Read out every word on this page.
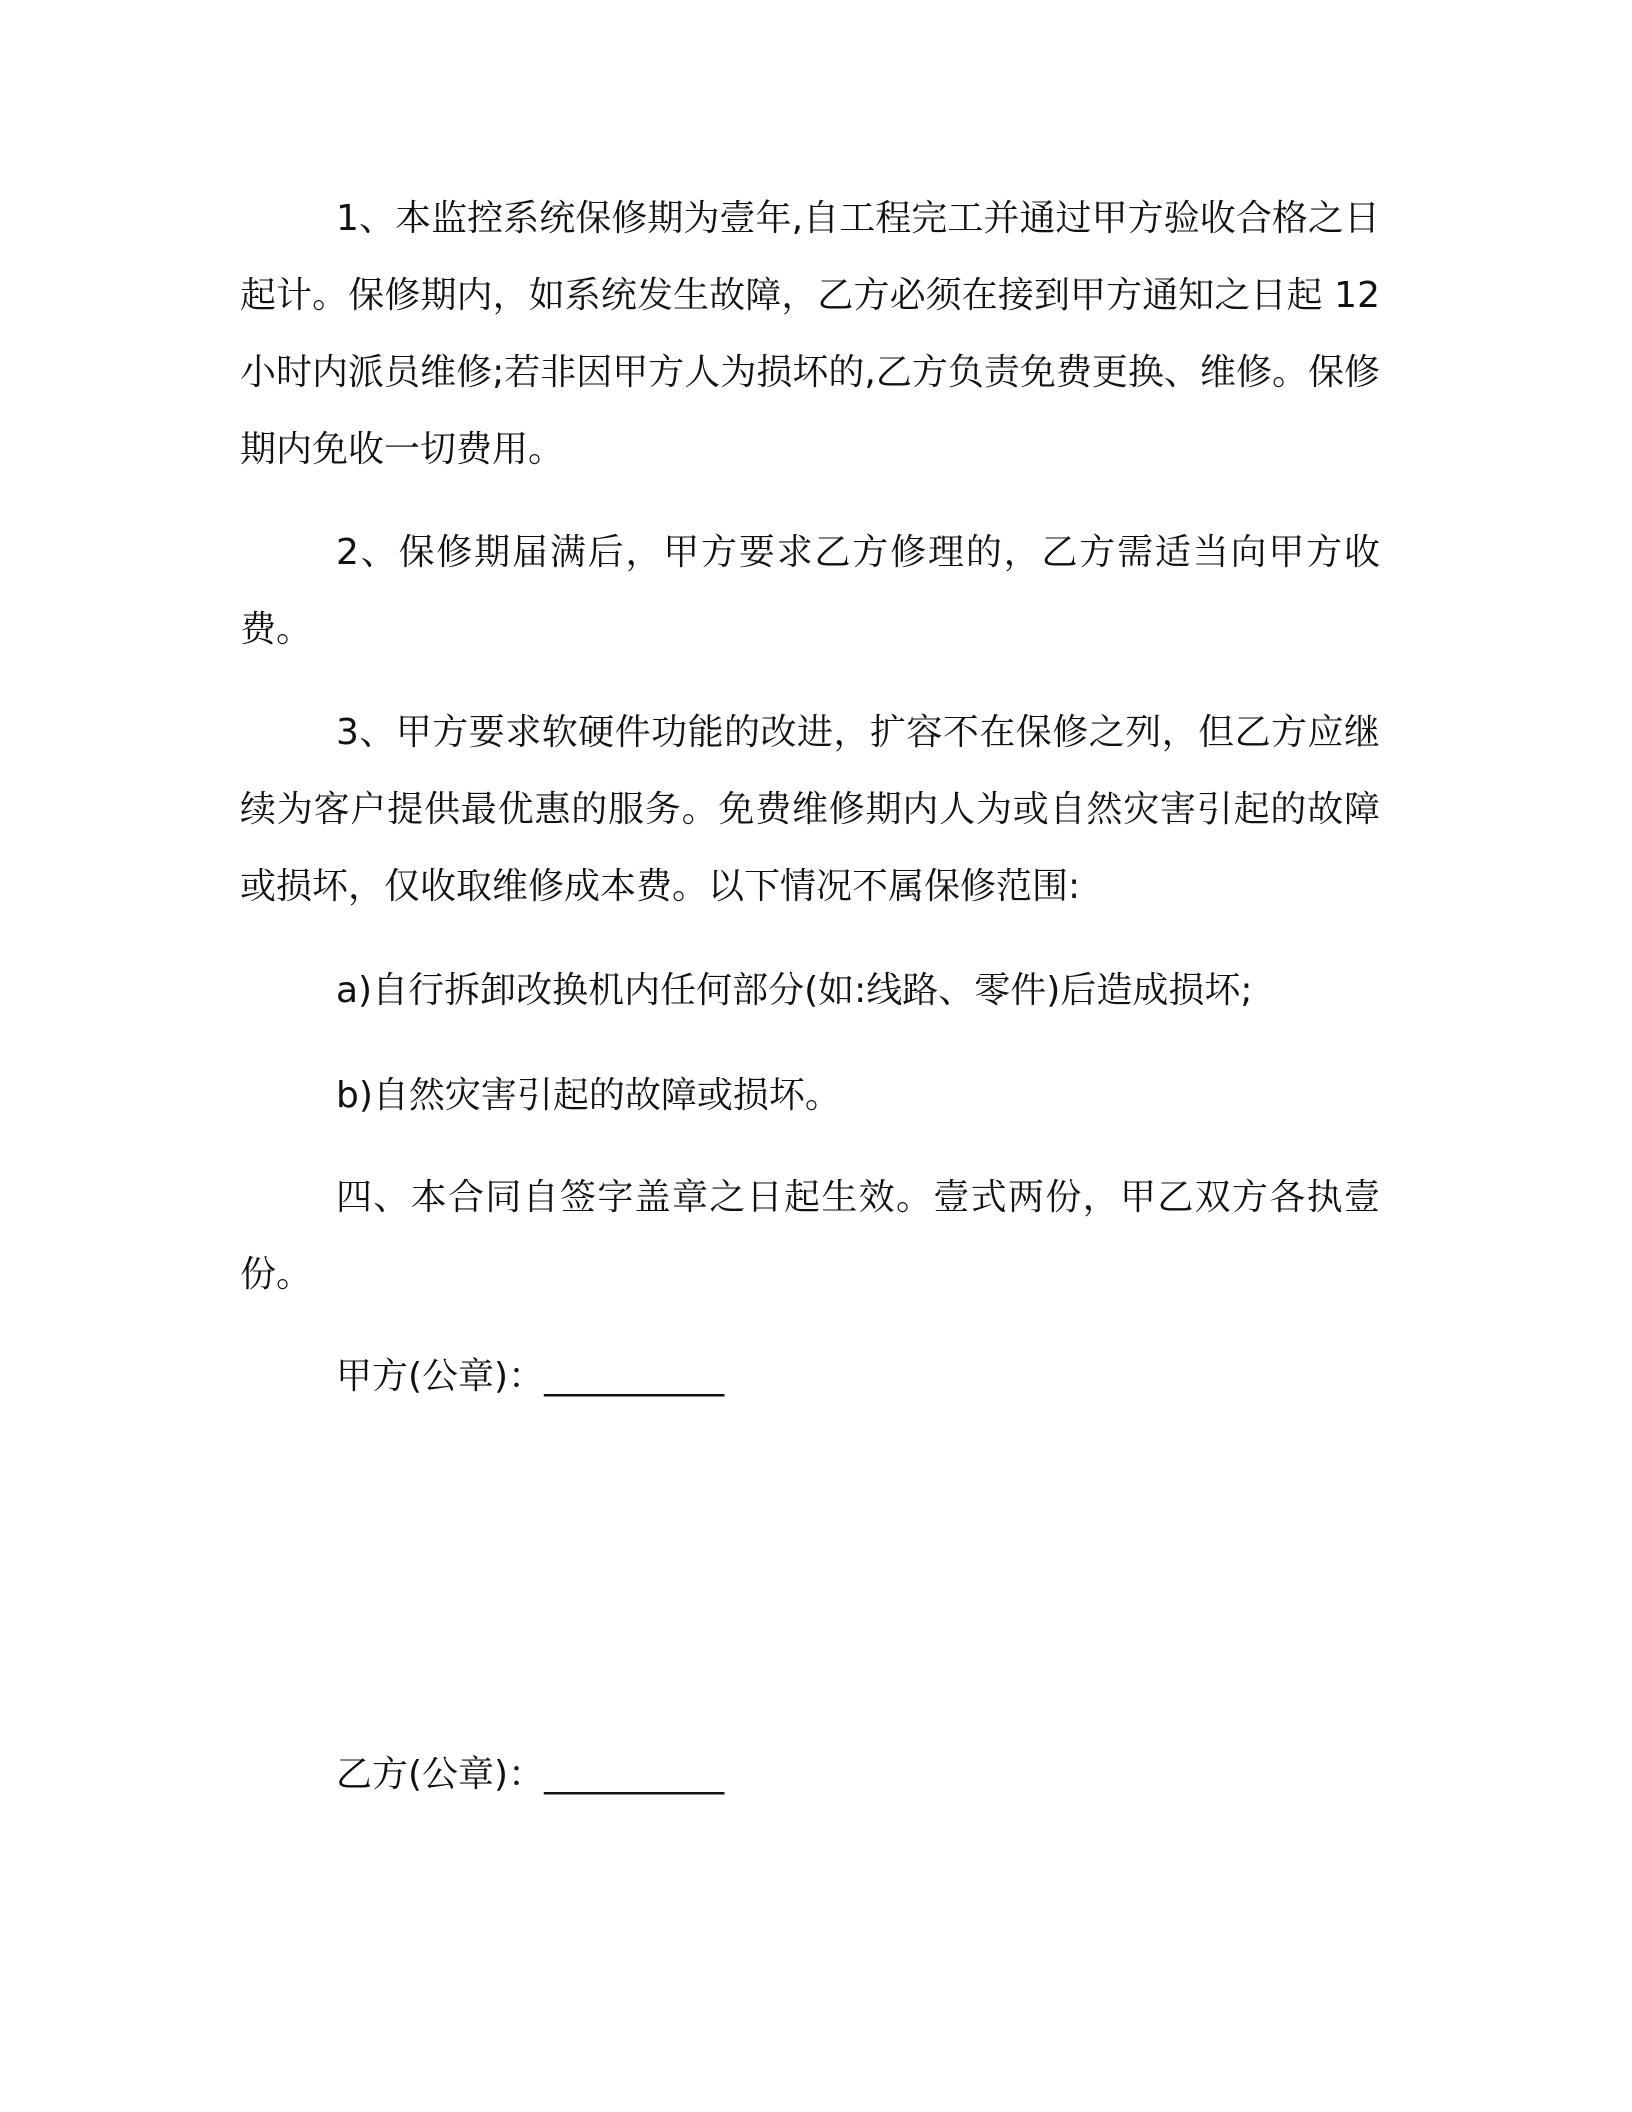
1、本监控系统保修期为壹年,自工程完工并通过甲方验收合格之日起计。保修期内，如系统发生故障，乙方必须在接到甲方通知之日起 12 小时内派员维修;若非因甲方人为损坏的,乙方负责免费更换、维修。保修期内免收一切费用。

2、保修期届满后，甲方要求乙方修理的，乙方需适当向甲方收费。

3、甲方要求软硬件功能的改进，扩容不在保修之列，但乙方应继续为客户提供最优惠的服务。免费维修期内人为或自然灾害引起的故障或损坏，仅收取维修成本费。以下情况不属保修范围:

a)自行拆卸改换机内任何部分(如:线路、零件)后造成损坏;

b)自然灾害引起的故障或损坏。

四、本合同自签字盖章之日起生效。壹式两份，甲乙双方各执壹份。

甲方(公章)：__________

乙方(公章)：__________
